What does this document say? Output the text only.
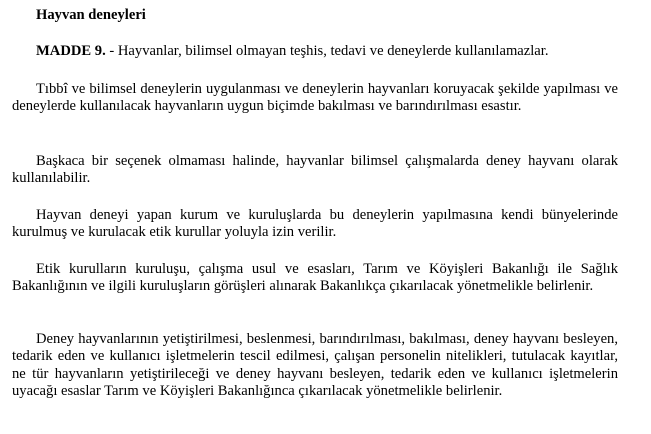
Hayvan deneyleri
MADDE 9. - Hayvanlar, bilimsel olmayan teşhis, tedavi ve deneylerde kullanılamazlar.
Tıbbî ve bilimsel deneylerin uygulanması ve deneylerin hayvanları koruyacak şekilde yapılması ve deneylerde kullanılacak hayvanların uygun biçimde bakılması ve barındırılması esastır.
Başkaca bir seçenek olmaması halinde, hayvanlar bilimsel çalışmalarda deney hayvanı olarak kullanılabilir.
Hayvan deneyi yapan kurum ve kuruluşlarda bu deneylerin yapılmasına kendi bünyelerinde kurulmuş ve kurulacak etik kurullar yoluyla izin verilir.
Etik kurulların kuruluşu, çalışma usul ve esasları, Tarım ve Köyişleri Bakanlığı ile Sağlık Bakanlığının ve ilgili kuruluşların görüşleri alınarak Bakanlıkça çıkarılacak yönetmelikle belirlenir.
Deney hayvanlarının yetiştirilmesi, beslenmesi, barındırılması, bakılması, deney hayvanı besleyen, tedarik eden ve kullanıcı işletmelerin tescil edilmesi, çalışan personelin nitelikleri, tutulacak kayıtlar, ne tür hayvanların yetiştirileceği ve deney hayvanı besleyen, tedarik eden ve kullanıcı işletmelerin uyacağı esaslar Tarım ve Köyişleri Bakanlığınca çıkarılacak yönetmelikle belirlenir.
